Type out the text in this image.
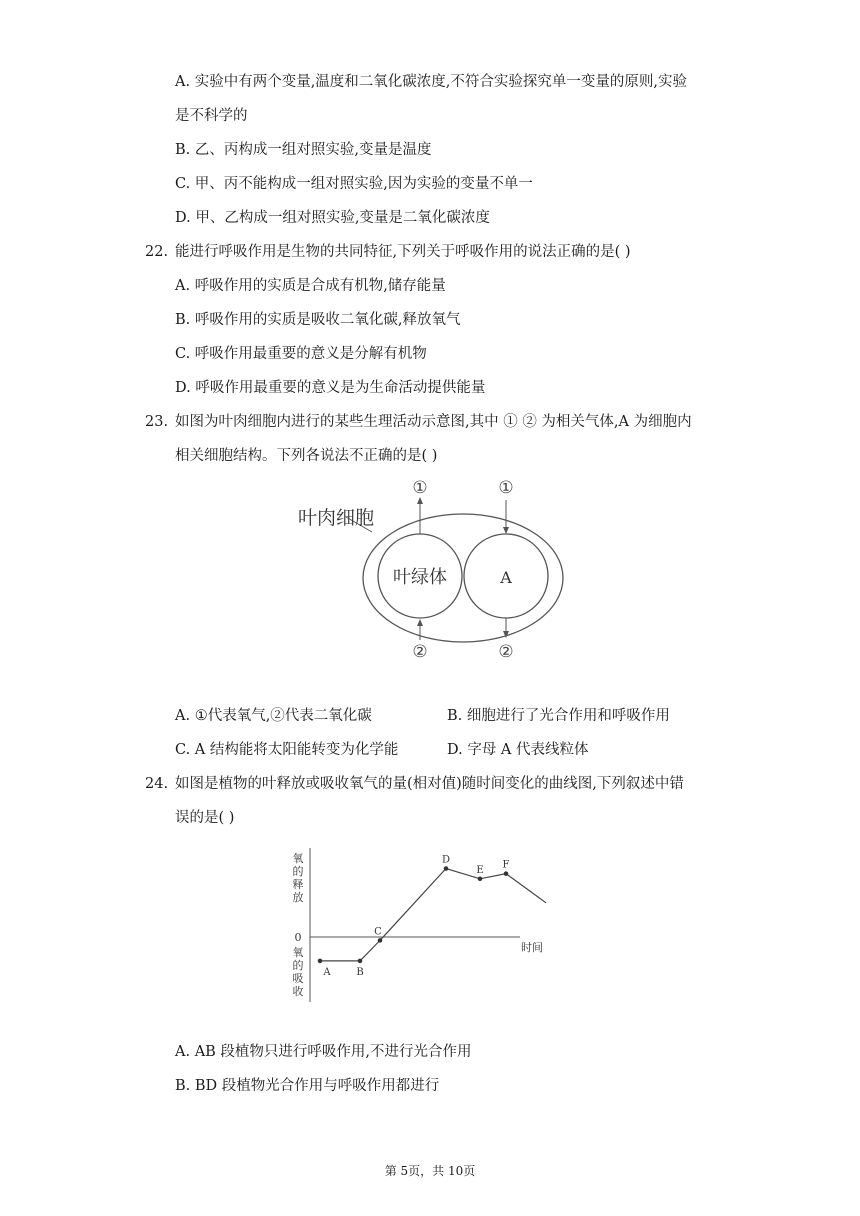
A. 实验中有两个变量,温度和二氧化碳浓度,不符合实验探究单一变量的原则,实验
是不科学的
B. 乙、丙构成一组对照实验,变量是温度
C. 甲、丙不能构成一组对照实验,因为实验的变量不单一
D. 甲、乙构成一组对照实验,变量是二氧化碳浓度
22. 能进行呼吸作用是生物的共同特征,下列关于呼吸作用的说法正确的是( )
A. 呼吸作用的实质是合成有机物,储存能量
B. 呼吸作用的实质是吸收二氧化碳,释放氧气
C. 呼吸作用最重要的意义是分解有机物
D. 呼吸作用最重要的意义是为生命活动提供能量
23. 如图为叶肉细胞内进行的某些生理活动示意图,其中 ① ② 为相关气体,A 为细胞内
相关细胞结构。下列各说法不正确的是( )
叶肉细胞
叶绿体	A
①
②
①
②
A. ①代表氧气,②代表二氧化碳	B. 细胞进行了光合作用和呼吸作用
C. A 结构能将太阳能转变为化学能	D. 字母 A 代表线粒体
24. 如图是植物的叶释放或吸收氧气的量(相对值)随时间变化的曲线图,下列叙述中错
误的是( )
0
时间
氧的释放
氧的吸收
A	B
C
D
E F
A. AB 段植物只进行呼吸作用,不进行光合作用
B. BD 段植物光合作用与呼吸作用都进行
第 5页，共 10页
